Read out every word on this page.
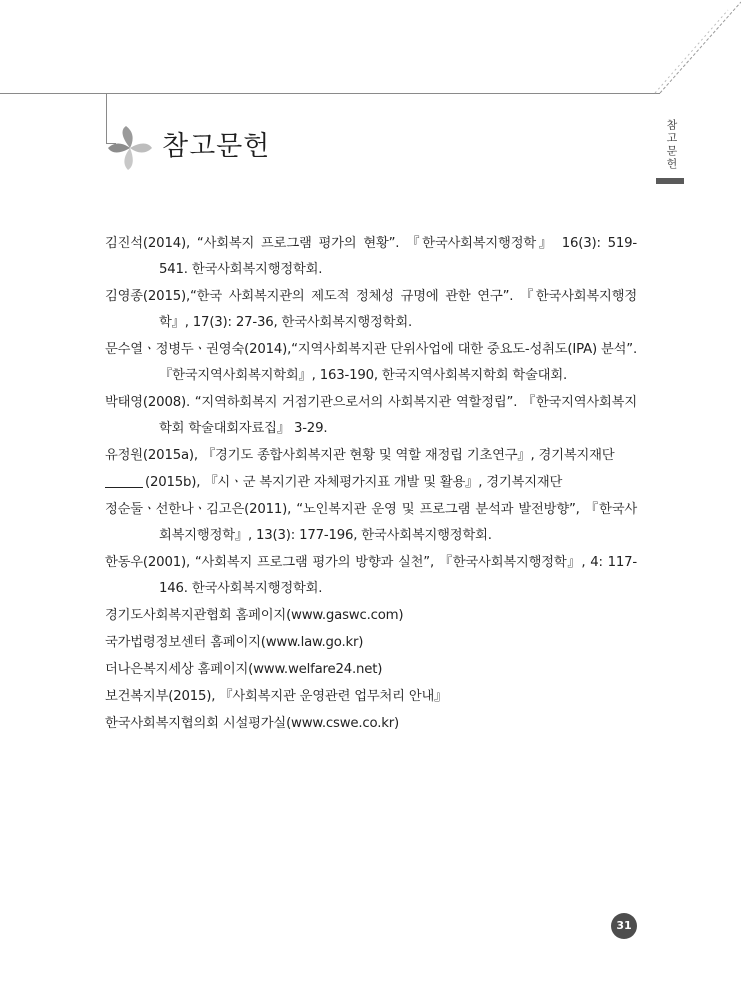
참고문헌	참고문헌
김진석(2014), “사회복지 프로그램 평가의 현황”. 『한국사회복지행정학』 16(3): 519-541. 한국사회복지행정학회.
김영종(2015),“한국 사회복지관의 제도적 정체성 규명에 관한 연구”. 『한국사회복지행정학』, 17(3): 27-36, 한국사회복지행정학회.
문수열ㆍ정병두ㆍ권영숙(2014),“지역사회복지관 단위사업에 대한 중요도-성취도(IPA) 분석”. 『한국지역사회복지학회』, 163-190, 한국지역사회복지학회 학술대회.
박태영(2008). “지역하회복지 거점기관으로서의 사회복지관 역할정립”. 『한국지역사회복지학회 학술대회자료집』 3-29.
유정원(2015a), 『경기도 종합사회복지관 현황 및 역할 재정립 기초연구』, 경기복지재단
(2015b), 『시ㆍ군 복지기관 자체평가지표 개발 및 활용』, 경기복지재단
정순둘ㆍ선한나ㆍ김고은(2011), “노인복지관 운영 및 프로그램 분석과 발전방향”, 『한국사회복지행정학』, 13(3): 177-196, 한국사회복지행정학회.
한동우(2001), “사회복지 프로그램 평가의 방향과 실천”, 『한국사회복지행정학』, 4: 117-146. 한국사회복지행정학회.
경기도사회복지관협회 홈페이지(www.gaswc.com)
국가법령정보센터 홈페이지(www.law.go.kr)
더나은복지세상 홈페이지(www.welfare24.net)
보건복지부(2015), 『사회복지관 운영관련 업무처리 안내』
한국사회복지협의회 시설평가실(www.cswe.co.kr)
31
